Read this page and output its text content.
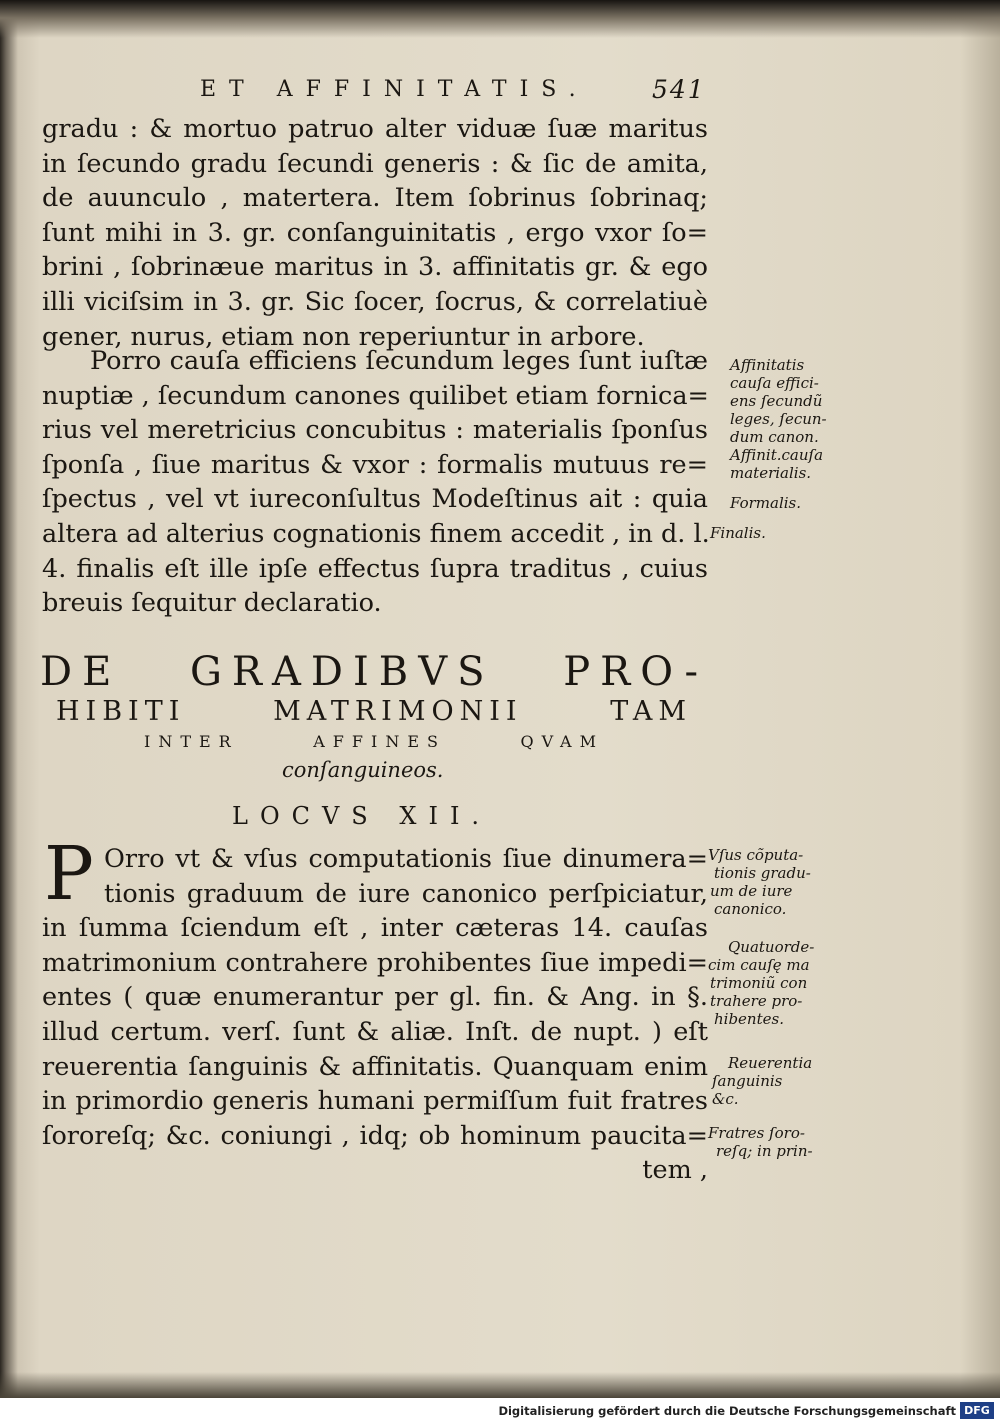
ET AFFINITATIS.	541
gradu : & mortuo patruo alter viduæ ſuæ maritus
in ſecundo gradu ſecundi generis : & ſic de amita,
de auunculo , matertera. Item ſobrinus ſobrinaq;
ſunt mihi in 3. gr. conſanguinitatis , ergo vxor ſo=
brini , ſobrinæue maritus in 3. affinitatis gr. & ego
illi viciſsim in 3. gr. Sic ſocer, ſocrus, & correlatiuè
gener, nurus, etiam non reperiuntur in arbore.
Porro cauſa efficiens ſecundum leges ſunt iuſtæ
nuptiæ , ſecundum canones quilibet etiam fornica=
rius vel meretricius concubitus : materialis ſponſus
ſponſa , ſiue maritus & vxor : formalis mutuus re=
ſpectus , vel vt iureconſultus Modeſtinus ait : quia
altera ad alterius cognationis finem accedit , in d. l.
4. finalis eſt ille ipſe effectus ſupra traditus , cuius
breuis ſequitur declaratio.
DE GRADIBVS PRO-
HIBITI MATRIMONII TAM
INTER AFFINES QVAM
conſanguineos.
LOCVS XII.
P Orro vt & vſus computationis ſiue dinumera=
tionis graduum de iure canonico perſpiciatur,
in ſumma ſciendum eſt , inter cæteras 14. cauſas
matrimonium contrahere prohibentes ſiue impedi=
entes ( quæ enumerantur per gl. fin. & Ang. in §.
illud certum. verſ. ſunt & aliæ. Inſt. de nupt. ) eſt
reuerentia ſanguinis & affinitatis. Quanquam enim
in primordio generis humani permiſſum fuit fratres
ſororeſq; &c. coniungi , idq; ob hominum paucita=
tem ,
Affinitatis
cauſa effici-
ens ſecundũ
leges, ſecun-
dum canon.
Affinit.cauſa
materialis.
Formalis.
Finalis.
Vſus cõputa-
tionis gradu-
um de iure
canonico.
Quatuorde-
cim cauſę ma
trimoniũ con
trahere pro-
hibentes.
Reuerentia
ſanguinis
&c.
Fratres ſoro-
reſq; in prin-
Digitalisierung gefördert durch die Deutsche Forschungsgemeinschaft DFG
